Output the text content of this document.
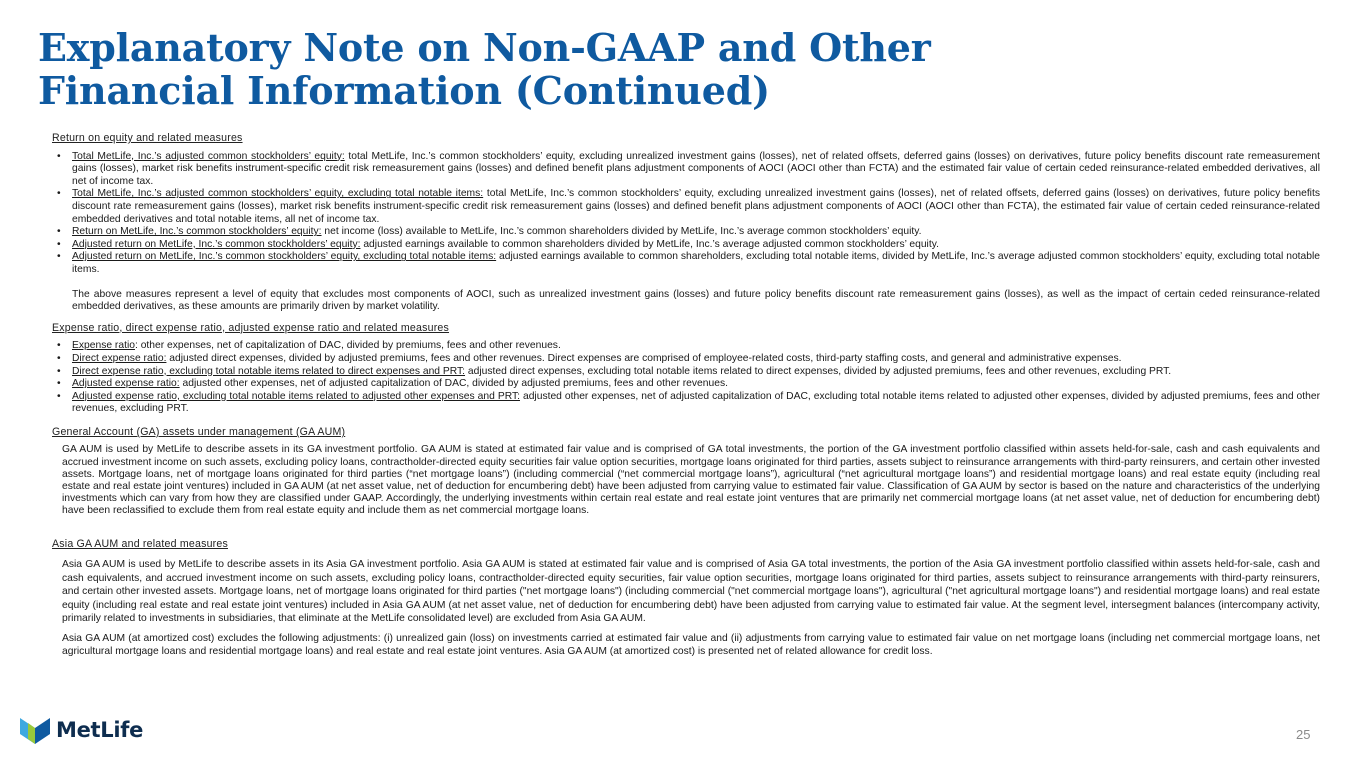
Explanatory Note on Non-GAAP and Other Financial Information (Continued)

Return on equity and related measures

• Total MetLife, Inc.’s adjusted common stockholders’ equity: total MetLife, Inc.’s common stockholders’ equity, excluding unrealized investment gains (losses), net of related offsets, deferred gains (losses) on derivatives, future policy benefits discount rate remeasurement gains (losses), market risk benefits instrument-specific credit risk remeasurement gains (losses) and defined benefit plans adjustment components of AOCI (AOCI other than FCTA) and the estimated fair value of certain ceded reinsurance-related embedded derivatives, all net of income tax.
• Total MetLife, Inc.’s adjusted common stockholders’ equity, excluding total notable items: total MetLife, Inc.’s common stockholders’ equity, excluding unrealized investment gains (losses), net of related offsets, deferred gains (losses) on derivatives, future policy benefits discount rate remeasurement gains (losses), market risk benefits instrument-specific credit risk remeasurement gains (losses) and defined benefit plans adjustment components of AOCI (AOCI other than FCTA), the estimated fair value of certain ceded reinsurance-related embedded derivatives and total notable items, all net of income tax.
• Return on MetLife, Inc.’s common stockholders’ equity: net income (loss) available to MetLife, Inc.’s common shareholders divided by MetLife, Inc.’s average common stockholders’ equity.
• Adjusted return on MetLife, Inc.’s common stockholders’ equity: adjusted earnings available to common shareholders divided by MetLife, Inc.’s average adjusted common stockholders’ equity.
• Adjusted return on MetLife, Inc.’s common stockholders’ equity, excluding total notable items: adjusted earnings available to common shareholders, excluding total notable items, divided by MetLife, Inc.’s average adjusted common stockholders’ equity, excluding total notable items.

The above measures represent a level of equity that excludes most components of AOCI, such as unrealized investment gains (losses) and future policy benefits discount rate remeasurement gains (losses), as well as the impact of certain ceded reinsurance-related embedded derivatives, as these amounts are primarily driven by market volatility.

Expense ratio, direct expense ratio, adjusted expense ratio and related measures

• Expense ratio: other expenses, net of capitalization of DAC, divided by premiums, fees and other revenues.
• Direct expense ratio: adjusted direct expenses, divided by adjusted premiums, fees and other revenues. Direct expenses are comprised of employee-related costs, third-party staffing costs, and general and administrative expenses.
• Direct expense ratio, excluding total notable items related to direct expenses and PRT: adjusted direct expenses, excluding total notable items related to direct expenses, divided by adjusted premiums, fees and other revenues, excluding PRT.
• Adjusted expense ratio: adjusted other expenses, net of adjusted capitalization of DAC, divided by adjusted premiums, fees and other revenues.
• Adjusted expense ratio, excluding total notable items related to adjusted other expenses and PRT: adjusted other expenses, net of adjusted capitalization of DAC, excluding total notable items related to adjusted other expenses, divided by adjusted premiums, fees and other revenues, excluding PRT.

General Account (GA) assets under management (GA AUM)

GA AUM is used by MetLife to describe assets in its GA investment portfolio. GA AUM is stated at estimated fair value and is comprised of GA total investments, the portion of the GA investment portfolio classified within assets held-for-sale, cash and cash equivalents and accrued investment income on such assets, excluding policy loans, contractholder-directed equity securities fair value option securities, mortgage loans originated for third parties, assets subject to reinsurance arrangements with third-party reinsurers, and certain other invested assets. Mortgage loans, net of mortgage loans originated for third parties (“net mortgage loans”) (including commercial (“net commercial mortgage loans”), agricultural (“net agricultural mortgage loans”) and residential mortgage loans) and real estate equity (including real estate and real estate joint ventures) included in GA AUM (at net asset value, net of deduction for encumbering debt) have been adjusted from carrying value to estimated fair value. Classification of GA AUM by sector is based on the nature and characteristics of the underlying investments which can vary from how they are classified under GAAP. Accordingly, the underlying investments within certain real estate and real estate joint ventures that are primarily net commercial mortgage loans (at net asset value, net of deduction for encumbering debt) have been reclassified to exclude them from real estate equity and include them as net commercial mortgage loans.

Asia GA AUM and related measures

Asia GA AUM is used by MetLife to describe assets in its Asia GA investment portfolio. Asia GA AUM is stated at estimated fair value and is comprised of Asia GA total investments, the portion of the Asia GA investment portfolio classified within assets held-for-sale, cash and cash equivalents, and accrued investment income on such assets, excluding policy loans, contractholder-directed equity securities, fair value option securities, mortgage loans originated for third parties, assets subject to reinsurance arrangements with third-party reinsurers, and certain other invested assets. Mortgage loans, net of mortgage loans originated for third parties ("net mortgage loans") (including commercial ("net commercial mortgage loans"), agricultural ("net agricultural mortgage loans") and residential mortgage loans) and real estate equity (including real estate and real estate joint ventures) included in Asia GA AUM (at net asset value, net of deduction for encumbering debt) have been adjusted from carrying value to estimated fair value. At the segment level, intersegment balances (intercompany activity, primarily related to investments in subsidiaries, that eliminate at the MetLife consolidated level) are excluded from Asia GA AUM.

Asia GA AUM (at amortized cost) excludes the following adjustments: (i) unrealized gain (loss) on investments carried at estimated fair value and (ii) adjustments from carrying value to estimated fair value on net mortgage loans (including net commercial mortgage loans, net agricultural mortgage loans and residential mortgage loans) and real estate and real estate joint ventures. Asia GA AUM (at amortized cost) is presented net of related allowance for credit loss.

MetLife	25
